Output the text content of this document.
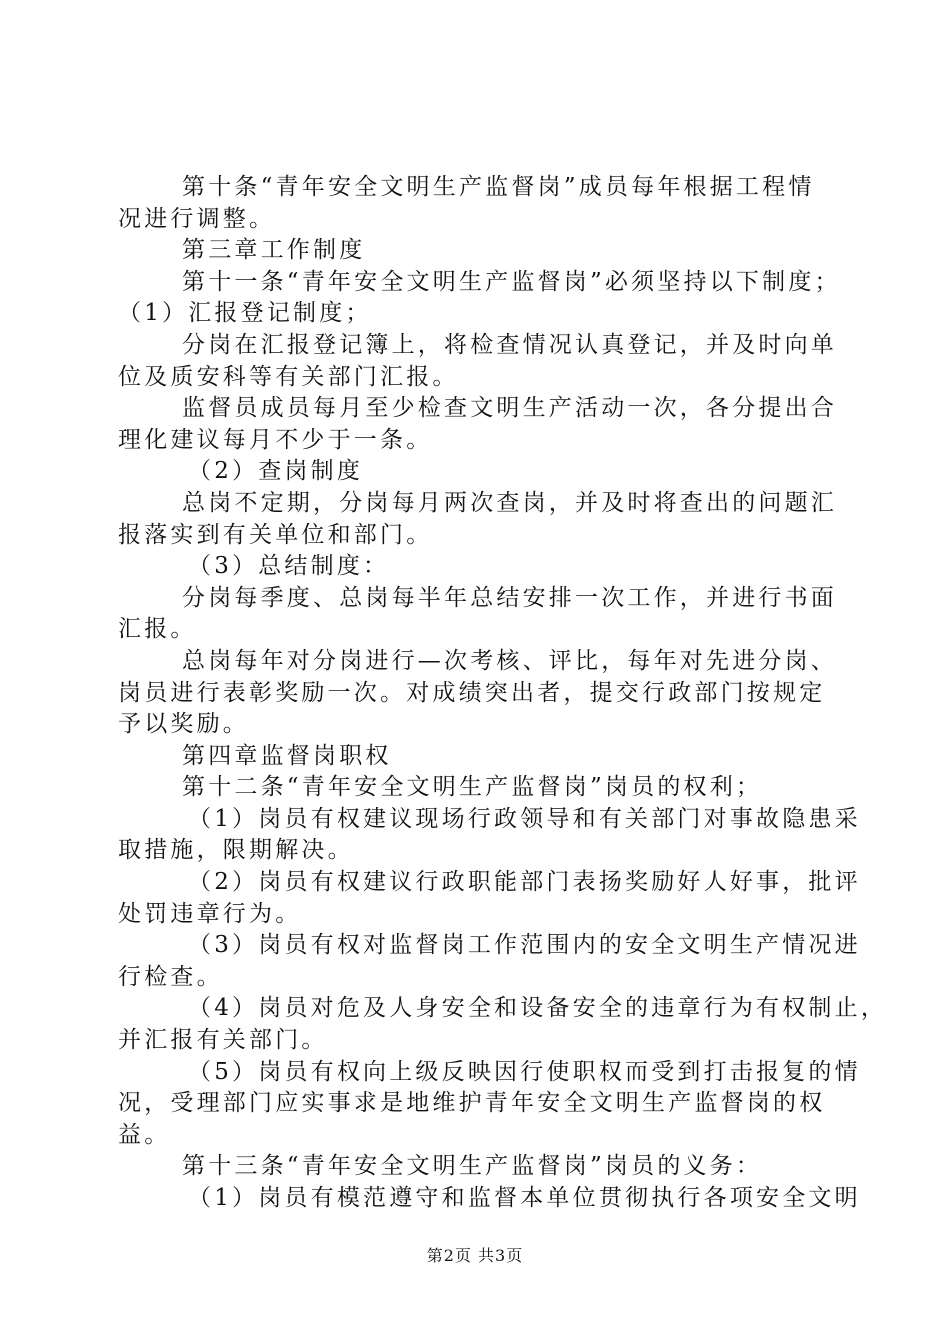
第十条“青年安全文明生产监督岗”成员每年根据工程情
况进行调整。
第三章工作制度
第十一条“青年安全文明生产监督岗”必须坚持以下制度；
（1）汇报登记制度；
分岗在汇报登记簿上，将检查情况认真登记，并及时向单
位及质安科等有关部门汇报。
监督员成员每月至少检查文明生产活动一次，各分提出合
理化建议每月不少于一条。
（2）查岗制度
总岗不定期，分岗每月两次查岗，并及时将查出的问题汇
报落实到有关单位和部门。
（3）总结制度：
分岗每季度、总岗每半年总结安排一次工作，并进行书面
汇报。
总岗每年对分岗进行—次考核、评比，每年对先进分岗、
岗员进行表彰奖励一次。对成绩突出者，提交行政部门按规定
予以奖励。
第四章监督岗职权
第十二条“青年安全文明生产监督岗”岗员的权利；
（1）岗员有权建议现场行政领导和有关部门对事故隐患采
取措施，限期解决。
（2）岗员有权建议行政职能部门表扬奖励好人好事，批评
处罚违章行为。
（3）岗员有权对监督岗工作范围内的安全文明生产情况进
行检查。
（4）岗员对危及人身安全和设备安全的违章行为有权制止，
并汇报有关部门。
（5）岗员有权向上级反映因行使职权而受到打击报复的情
况，受理部门应实事求是地维护青年安全文明生产监督岗的权
益。
第十三条“青年安全文明生产监督岗”岗员的义务：
（1）岗员有模范遵守和监督本单位贯彻执行各项安全文明
第2页 共3页
